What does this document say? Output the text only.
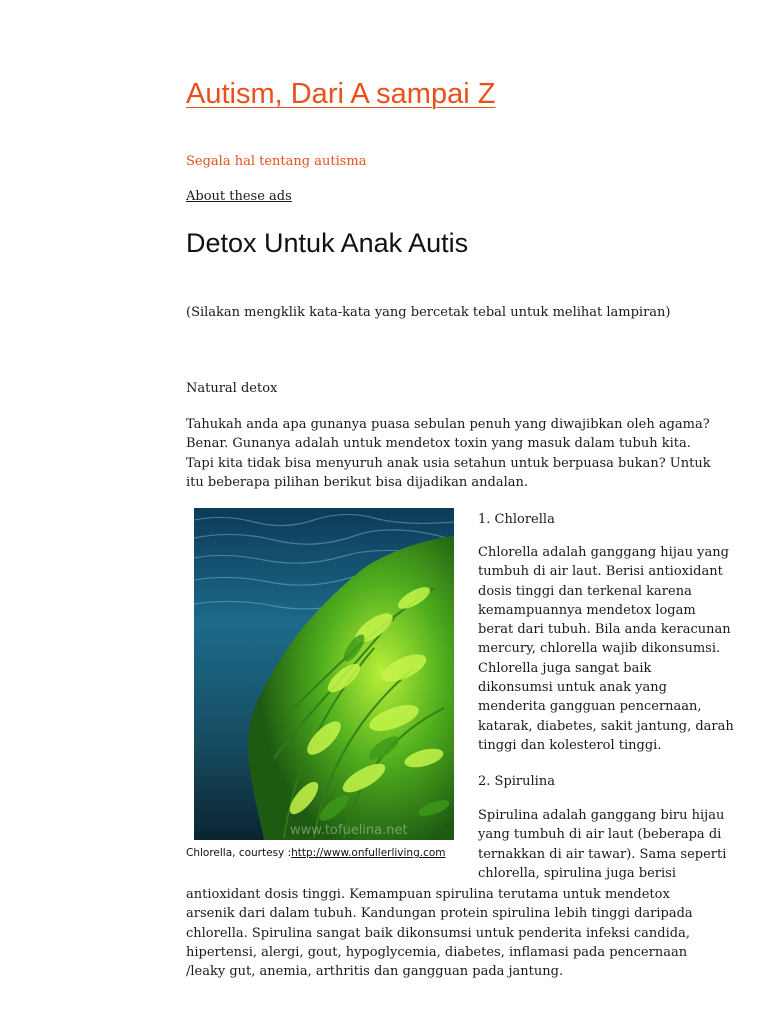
Autism, Dari A sampai Z
Segala hal tentang autisma
About these ads
Detox Untuk Anak Autis
(Silakan mengklik kata-kata yang bercetak tebal untuk melihat lampiran)
Natural detox

Tahukah anda apa gunanya puasa sebulan penuh yang diwajibkan oleh agama?
Benar. Gunanya adalah untuk mendetox toxin yang masuk dalam tubuh kita.
Tapi kita tidak bisa menyuruh anak usia setahun untuk berpuasa bukan? Untuk
itu beberapa pilihan berikut bisa dijadikan andalan.

www.tofuelina.net
Chlorella, courtesy :http://www.onfullerliving.com
1. Chlorella

Chlorella adalah ganggang hijau yang
tumbuh di air laut. Berisi antioxidant
dosis tinggi dan terkenal karena
kemampuannya mendetox logam
berat dari tubuh. Bila anda keracunan
mercury, chlorella wajib dikonsumsi.
Chlorella juga sangat baik
dikonsumsi untuk anak yang
menderita gangguan pencernaan,
katarak, diabetes, sakit jantung, darah
tinggi dan kolesterol tinggi.

2. Spirulina

Spirulina adalah ganggang biru hijau
yang tumbuh di air laut (beberapa di
ternakkan di air tawar). Sama seperti
chlorella, spirulina juga berisi

antioxidant dosis tinggi. Kemampuan spirulina terutama untuk mendetox
arsenik dari dalam tubuh. Kandungan protein spirulina lebih tinggi daripada
chlorella. Spirulina sangat baik dikonsumsi untuk penderita infeksi candida,
hipertensi, alergi, gout, hypoglycemia, diabetes, inflamasi pada pencernaan
/leaky gut, anemia, arthritis dan gangguan pada jantung.
